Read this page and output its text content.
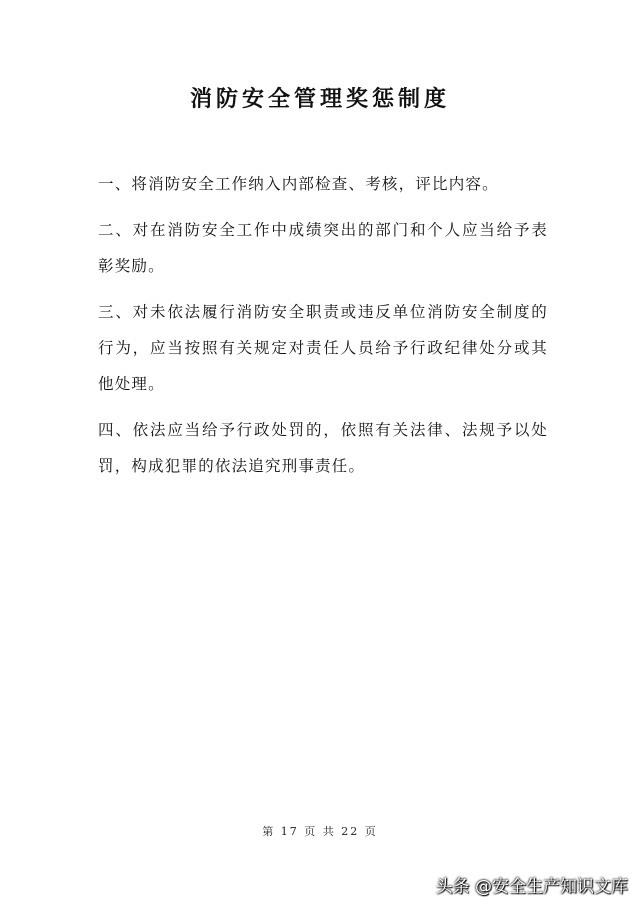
消防安全管理奖惩制度

一、将消防安全工作纳入内部检查、考核，评比内容。

二、对在消防安全工作中成绩突出的部门和个人应当给予表彰奖励。

三、对未依法履行消防安全职责或违反单位消防安全制度的行为，应当按照有关规定对责任人员给予行政纪律处分或其他处理。

四、依法应当给予行政处罚的，依照有关法律、法规予以处罚，构成犯罪的依法追究刑事责任。

第 17 页 共 22 页
头条 @安全生产知识文库
